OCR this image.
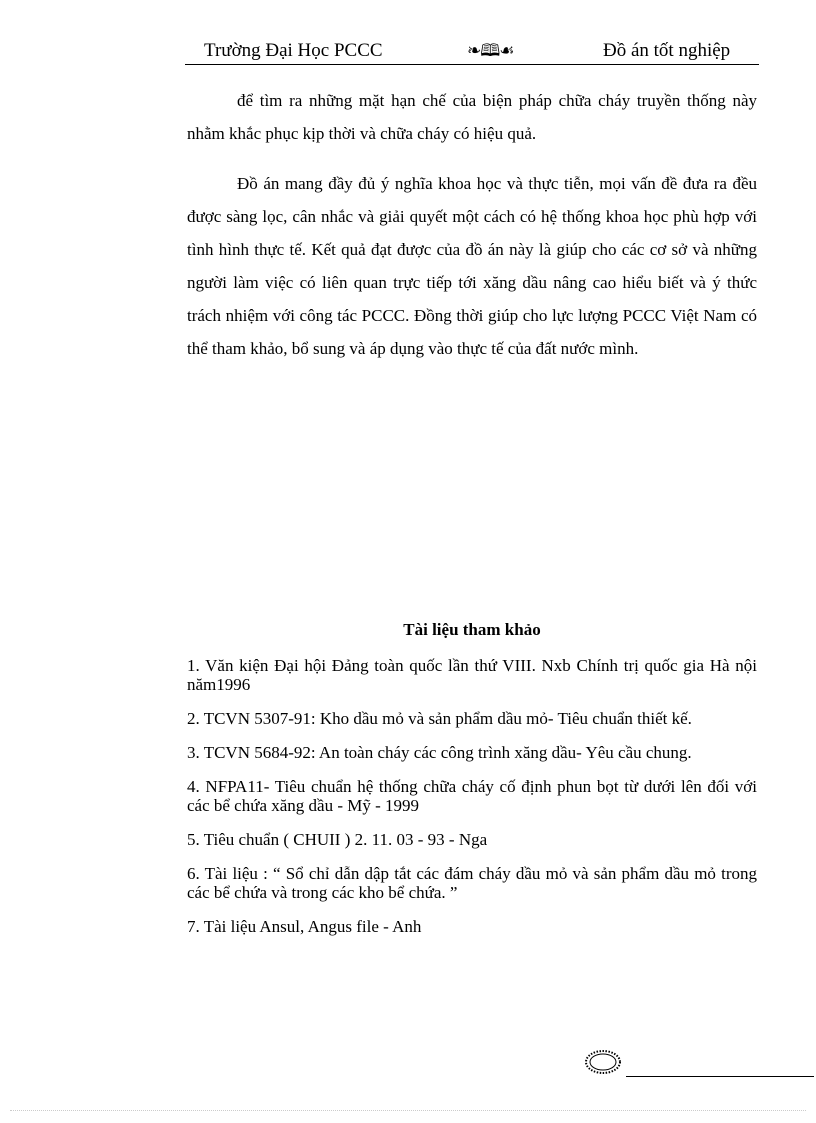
Trường Đại Học PCCC	❧🕮☙	Đồ án tốt nghiệp

để tìm ra những mặt hạn chế của biện pháp chữa cháy truyền thống này nhằm khắc phục kịp thời và chữa cháy có hiệu quả.

Đồ án mang đầy đủ ý nghĩa khoa học và thực tiễn, mọi vấn đề đưa ra đều được sàng lọc, cân nhắc và giải quyết một cách có hệ thống khoa học phù hợp với tình hình thực tế. Kết quả đạt được của đồ án này là giúp cho các cơ sở và những người làm việc có liên quan trực tiếp tới xăng dầu nâng cao hiểu biết và ý thức trách nhiệm với công tác PCCC. Đồng thời giúp cho lực lượng PCCC Việt Nam có thể tham khảo, bổ sung và áp dụng vào thực tế của đất nước mình.

Tài liệu tham khảo
1. Văn kiện Đại hội Đảng toàn quốc lần thứ VIII. Nxb Chính trị quốc gia Hà nội năm1996
2. TCVN 5307-91: Kho dầu mỏ và sản phẩm dầu mỏ- Tiêu chuẩn thiết kế.
3. TCVN 5684-92: An toàn cháy các công trình xăng dầu- Yêu cầu chung.
4. NFPA11- Tiêu chuẩn hệ thống chữa cháy cố định phun bọt từ dưới lên đối với các bể chứa xăng dầu - Mỹ - 1999
5. Tiêu chuẩn ( CHUII ) 2. 11. 03 - 93 - Nga
6. Tài liệu : “ Sổ chỉ dẫn dập tắt các đám cháy dầu mỏ và sản phẩm dầu mỏ trong các bể chứa và trong các kho bể chứa. ”
7. Tài liệu Ansul, Angus file - Anh
